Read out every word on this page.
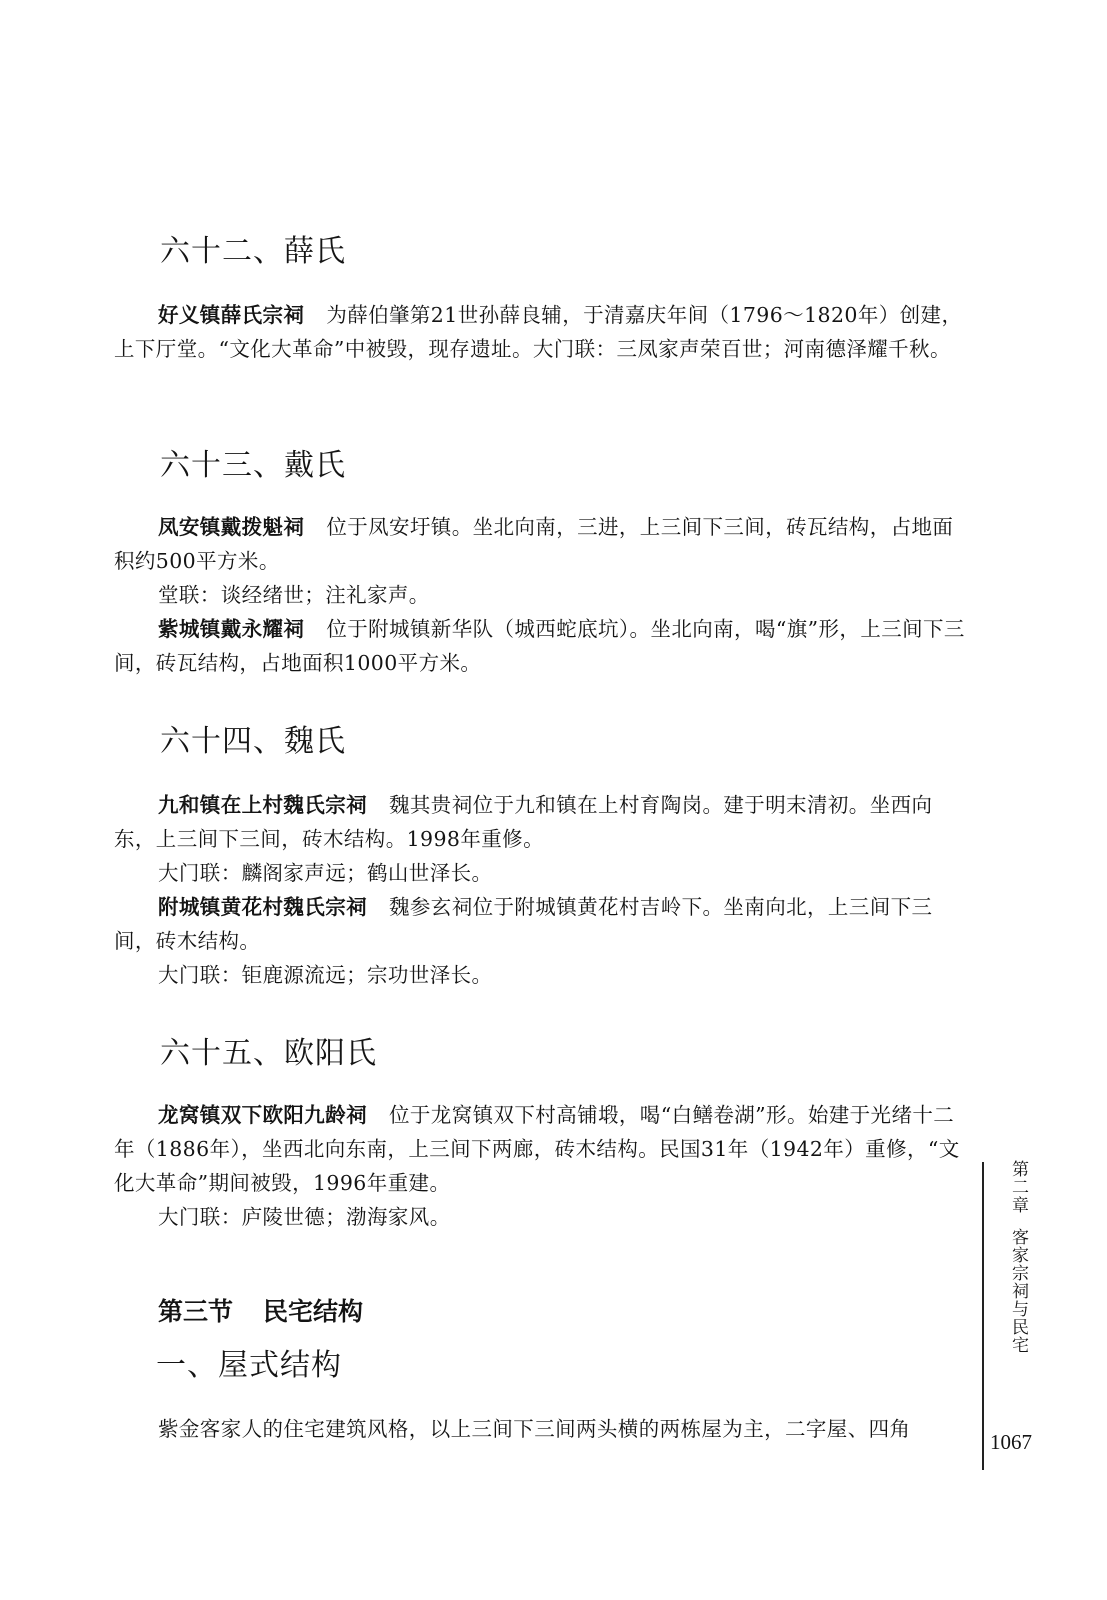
六十二、薛氏

好义镇薛氏宗祠 为薛伯肇第21世孙薛良辅，于清嘉庆年间（1796～1820年）创建，上下厅堂。“文化大革命”中被毁，现存遗址。大门联：三凤家声荣百世；河南德泽耀千秋。

六十三、戴氏

凤安镇戴拨魁祠 位于凤安圩镇。坐北向南，三进，上三间下三间，砖瓦结构，占地面积约500平方米。

堂联：谈经绪世；注礼家声。

紫城镇戴永耀祠 位于附城镇新华队（城西蛇底坑）。坐北向南，喝“旗”形，上三间下三间，砖瓦结构，占地面积1000平方米。

六十四、魏氏

九和镇在上村魏氏宗祠 魏其贵祠位于九和镇在上村育陶岗。建于明末清初。坐西向东，上三间下三间，砖木结构。1998年重修。

大门联：麟阁家声远；鹤山世泽长。

附城镇黄花村魏氏宗祠 魏参玄祠位于附城镇黄花村吉岭下。坐南向北，上三间下三间，砖木结构。

大门联：钜鹿源流远；宗功世泽长。

六十五、欧阳氏

龙窝镇双下欧阳九龄祠 位于龙窝镇双下村高铺塅，喝“白鳝卷湖”形。始建于光绪十二年（1886年），坐西北向东南，上三间下两廊，砖木结构。民国31年（1942年）重修，“文化大革命”期间被毁，1996年重建。

大门联：庐陵世德；渤海家风。

第三节 民宅结构
一、屋式结构

紫金客家人的住宅建筑风格，以上三间下三间两头横的两栋屋为主，二字屋、四角

第二章客家宗祠与民宅
1067
